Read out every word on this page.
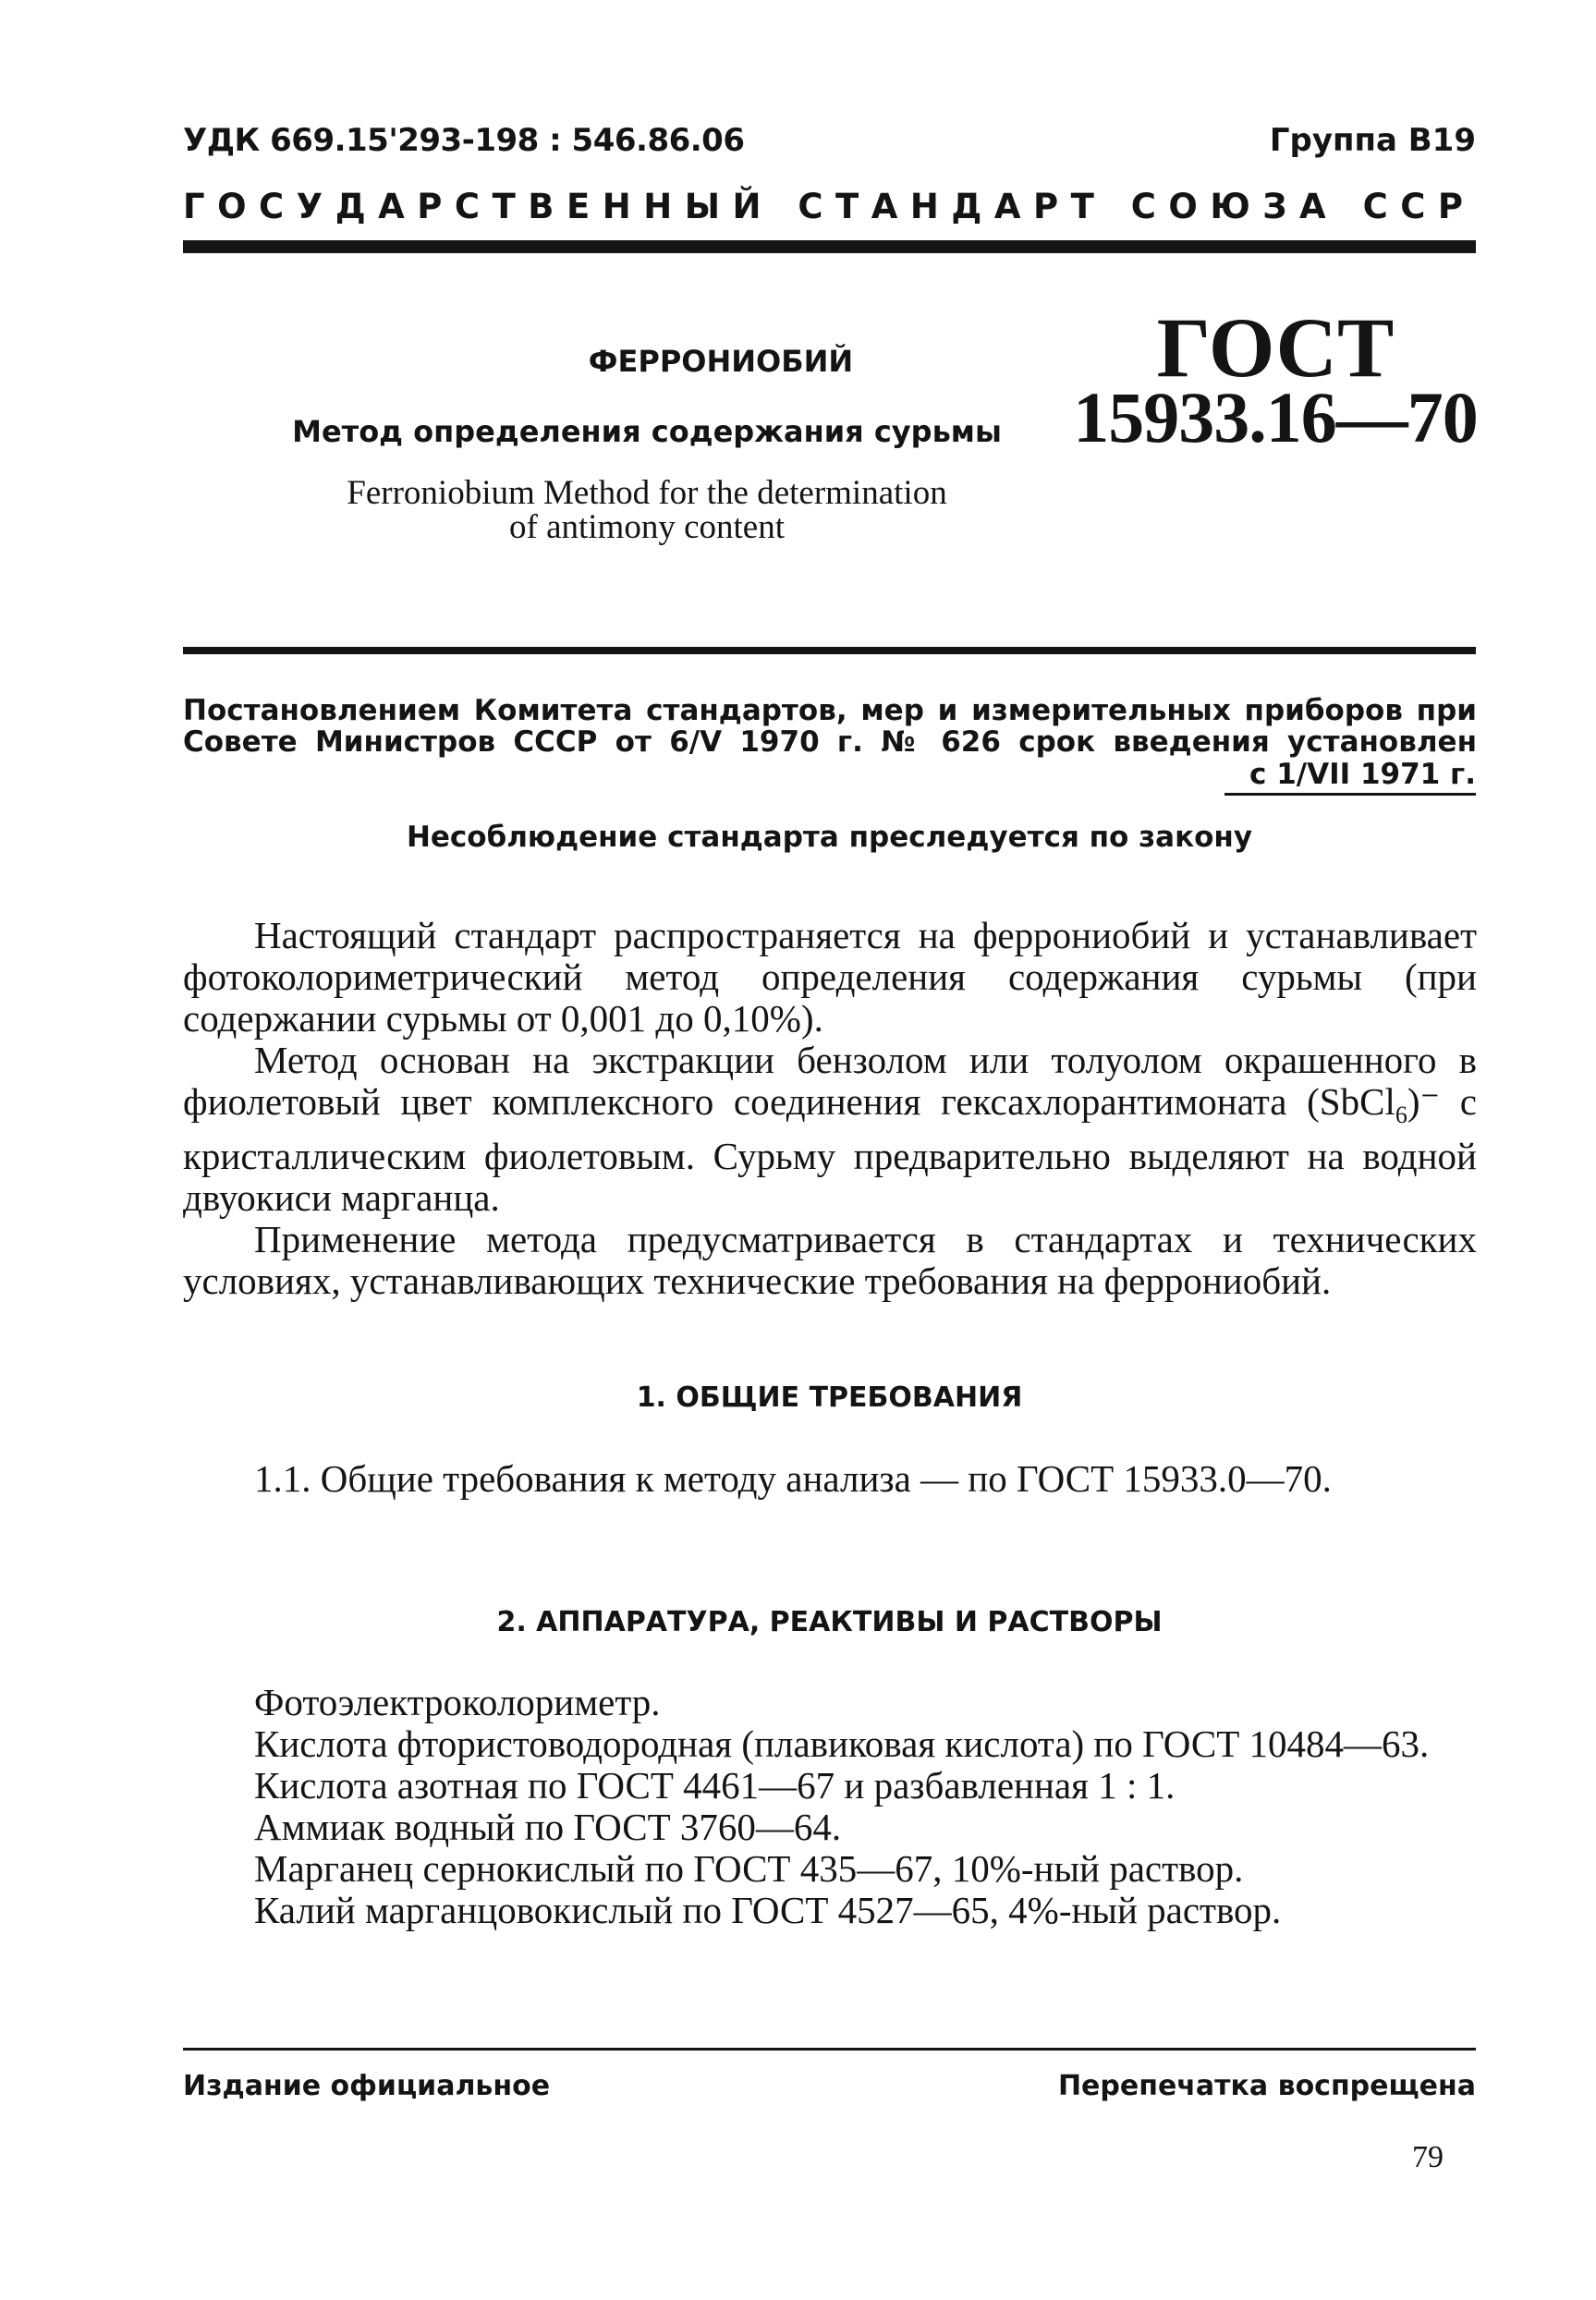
УДК 669.15'293-198 : 546.86.06	Группа В19
ГОСУДАРСТВЕННЫЙ СТАНДАРТ СОЮЗА ССР
ФЕРРОНИОБИЙ
Метод определения содержания сурьмы
Ferroniobium Method for the determination
of antimony content
ГОСТ
15933.16—70
Постановлением Комитета стандартов, мер и измерительных приборов при Совете Министров СССР от 6/V 1970 г. № 626 срок введения установлен
с 1/VII 1971 г.
Несоблюдение стандарта преследуется по закону

Настоящий стандарт распространяется на феррониобий и устанавливает фотоколориметрический метод определения содержания сурьмы (при содержании сурьмы от 0,001 до 0,10%).

Метод основан на экстракции бензолом или толуолом окрашенного в фиолетовый цвет комплексного соединения гексахлорантимоната (SbCl$_6$)⁻ с кристаллическим фиолетовым. Сурьму предварительно выделяют на водной двуокиси марганца.

Применение метода предусматривается в стандартах и технических условиях, устанавливающих технические требования на феррониобий.

1. ОБЩИЕ ТРЕБОВАНИЯ

1.1. Общие требования к методу анализа — по ГОСТ 15933.0—70.

2. АППАРАТУРА, РЕАКТИВЫ И РАСТВОРЫ

Фотоэлектроколориметр.

Кислота фтористоводородная (плавиковая кислота) по ГОСТ 10484—63.

Кислота азотная по ГОСТ 4461—67 и разбавленная 1 : 1.

Аммиак водный по ГОСТ 3760—64.

Марганец сернокислый по ГОСТ 435—67, 10%-ный раствор.

Калий марганцовокислый по ГОСТ 4527—65, 4%-ный раствор.

Издание официальное	Перепечатка воспрещена
79
